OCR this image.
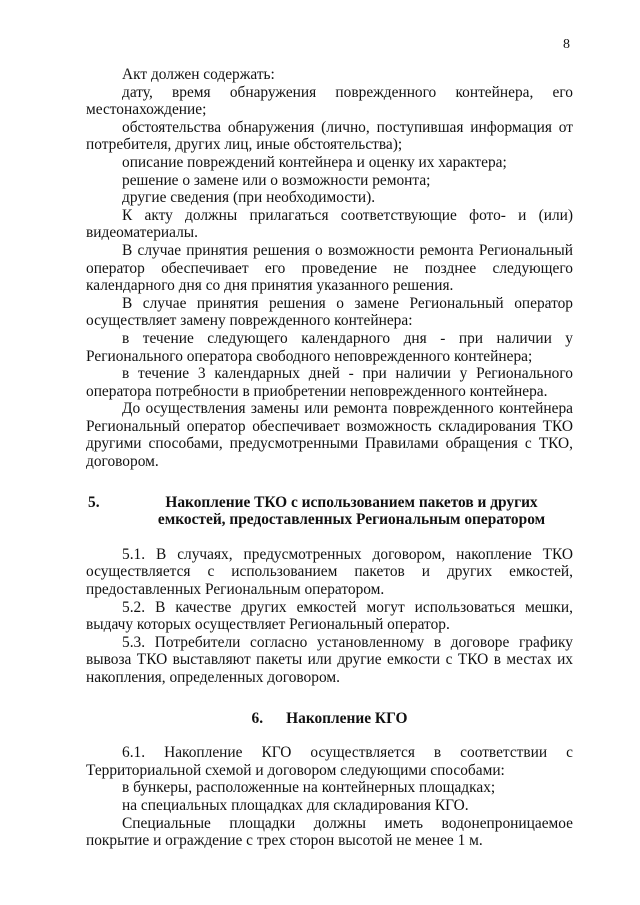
8

Акт должен содержать:

дату, время обнаружения поврежденного контейнера, его местонахождение;

обстоятельства обнаружения (лично, поступившая информация от потребителя, других лиц, иные обстоятельства);

описание повреждений контейнера и оценку их характера;

решение о замене или о возможности ремонта;

другие сведения (при необходимости).

К акту должны прилагаться соответствующие фото- и (или) видеоматериалы.

В случае принятия решения о возможности ремонта Региональный оператор обеспечивает его проведение не позднее следующего календарного дня со дня принятия указанного решения.

В случае принятия решения о замене Региональный оператор осуществляет замену поврежденного контейнера:

в течение следующего календарного дня - при наличии у Регионального оператора свободного неповрежденного контейнера;

в течение 3 календарных дней - при наличии у Регионального оператора потребности в приобретении неповрежденного контейнера.

До осуществления замены или ремонта поврежденного контейнера Региональный оператор обеспечивает возможность складирования ТКО другими способами, предусмотренными Правилами обращения с ТКО, договором.

5.	Накопление ТКО с использованием пакетов и других емкостей, предоставленных Региональным оператором

5.1. В случаях, предусмотренных договором, накопление ТКО осуществляется с использованием пакетов и других емкостей, предоставленных Региональным оператором.

5.2. В качестве других емкостей могут использоваться мешки, выдачу которых осуществляет Региональный оператор.

5.3. Потребители согласно установленному в договоре графику вывоза ТКО выставляют пакеты или другие емкости с ТКО в местах их накопления, определенных договором.

6. Накопление КГО

6.1. Накопление КГО осуществляется в соответствии с Территориальной схемой и договором следующими способами:

в бункеры, расположенные на контейнерных площадках;

на специальных площадках для складирования КГО.

Специальные площадки должны иметь водонепроницаемое покрытие и ограждение с трех сторон высотой не менее 1 м.
